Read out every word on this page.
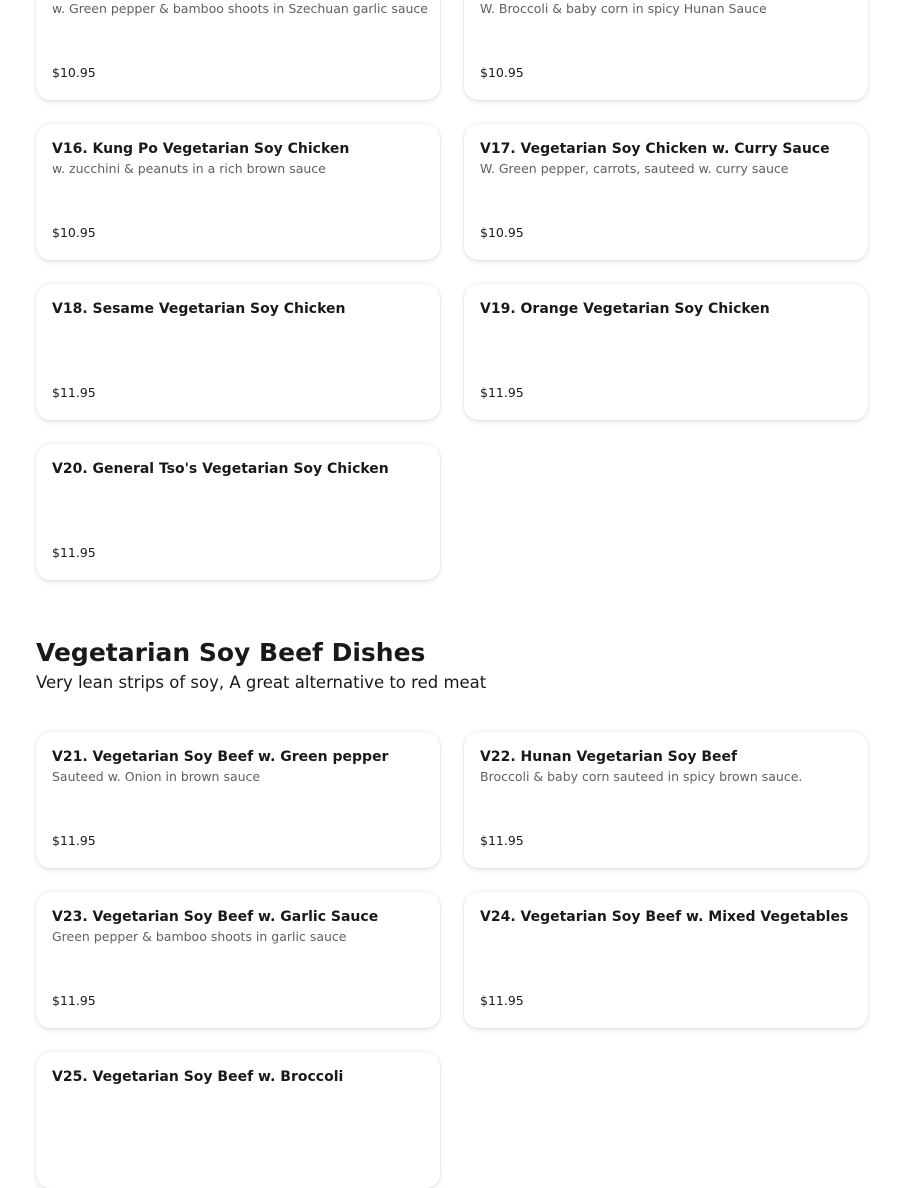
w. Green pepper & bamboo shoots in Szechuan garlic sauce
$10.95
W. Broccoli & baby corn in spicy Hunan Sauce
$10.95
V16. Kung Po Vegetarian Soy Chicken
w. zucchini & peanuts in a rich brown sauce
$10.95
V17. Vegetarian Soy Chicken w. Curry Sauce
W. Green pepper, carrots, sauteed w. curry sauce
$10.95
V18. Sesame Vegetarian Soy Chicken
$11.95
V19. Orange Vegetarian Soy Chicken
$11.95
V20. General Tso's Vegetarian Soy Chicken
$11.95
Vegetarian Soy Beef Dishes

Very lean strips of soy, A great alternative to red meat

V21. Vegetarian Soy Beef w. Green pepper
Sauteed w. Onion in brown sauce
$11.95
V22. Hunan Vegetarian Soy Beef
Broccoli & baby corn sauteed in spicy brown sauce.
$11.95
V23. Vegetarian Soy Beef w. Garlic Sauce
Green pepper & bamboo shoots in garlic sauce
$11.95
V24. Vegetarian Soy Beef w. Mixed Vegetables
$11.95
V25. Vegetarian Soy Beef w. Broccoli
